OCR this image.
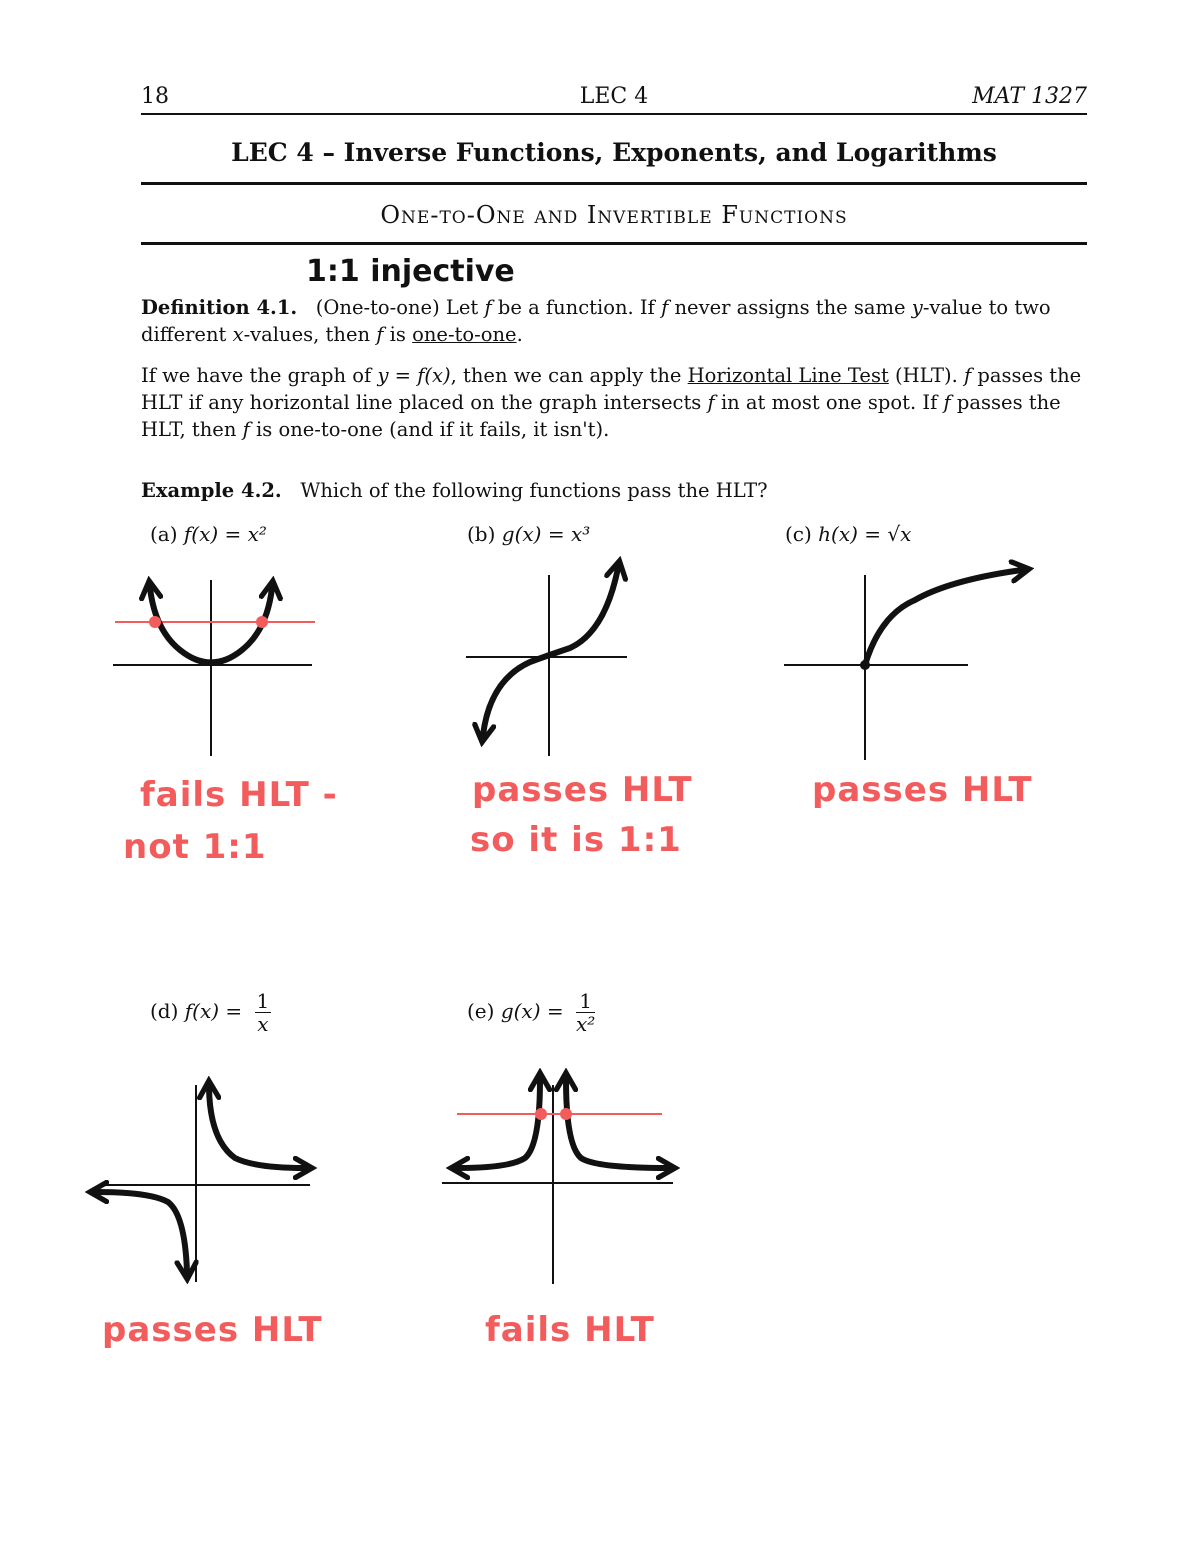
18	LEC 4	MAT 1327
LEC 4 – Inverse Functions, Exponents, and Logarithms
One-to-One and Invertible Functions
1:1 injective
Definition 4.1. (One-to-one) Let f be a function. If f never assigns the same y-value to two different x-values, then f is one-to-one.
If we have the graph of y = f(x), then we can apply the Horizontal Line Test (HLT). f passes the HLT if any horizontal line placed on the graph intersects f in at most one spot. If f passes the HLT, then f is one-to-one (and if it fails, it isn't).
Example 4.2. Which of the following functions pass the HLT?
(a) f(x) = x²	(b) g(x) = x³	(c) h(x) = √x
(d) $f(x) = \frac{1}{x}$	(e) $g(x) = \frac{1}{\text{x²}}$
fails HLT -
not 1:1
passes HLT
so it is 1:1
passes HLT
passes HLT	fails HLT
